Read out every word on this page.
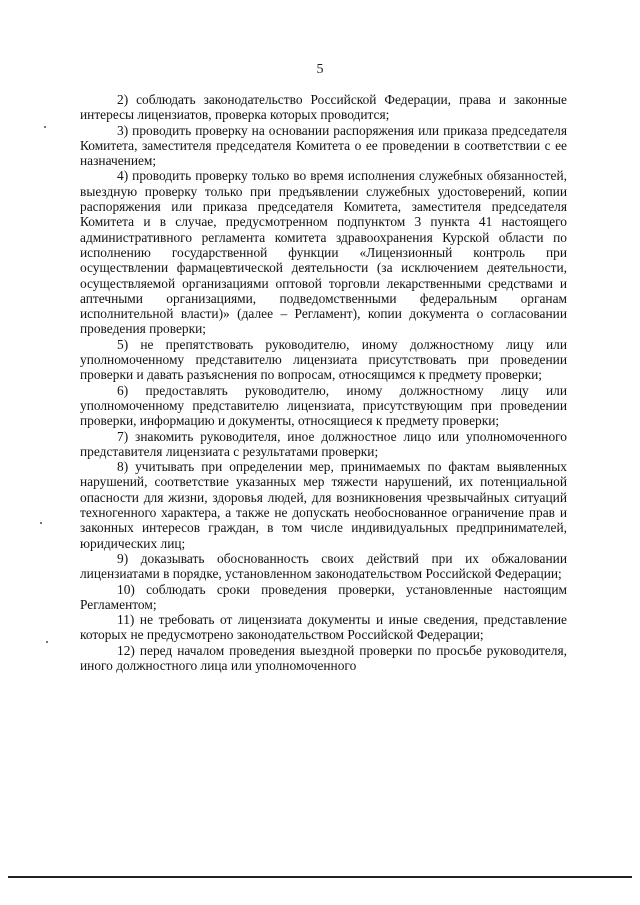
5

2) соблюдать законодательство Российской Федерации, права и законные интересы лицензиатов, проверка которых проводится;

3) проводить проверку на основании распоряжения или приказа председателя Комитета, заместителя председателя Комитета о ее проведении в соответствии с ее назначением;

4) проводить проверку только во время исполнения служебных обязанностей, выездную проверку только при предъявлении служебных удостоверений, копии распоряжения или приказа председателя Комитета, заместителя председателя Комитета и в случае, предусмотренном подпунктом 3 пункта 41 настоящего административного регламента комитета здравоохранения Курской области по исполнению государственной функции «Лицензионный контроль при осуществлении фармацевтической деятельности (за исключением деятельности, осуществляемой организациями оптовой торговли лекарственными средствами и аптечными организациями, подведомственными федеральным органам исполнительной власти)» (далее – Регламент), копии документа о согласовании проведения проверки;

5) не препятствовать руководителю, иному должностному лицу или уполномоченному представителю лицензиата присутствовать при проведении проверки и давать разъяснения по вопросам, относящимся к предмету проверки;

6) предоставлять руководителю, иному должностному лицу или уполномоченному представителю лицензиата, присутствующим при проведении проверки, информацию и документы, относящиеся к предмету проверки;

7) знакомить руководителя, иное должностное лицо или уполномоченного представителя лицензиата с результатами проверки;

8) учитывать при определении мер, принимаемых по фактам выявленных нарушений, соответствие указанных мер тяжести нарушений, их потенциальной опасности для жизни, здоровья людей, для возникновения чрезвычайных ситуаций техногенного характера, а также не допускать необоснованное ограничение прав и законных интересов граждан, в том числе индивидуальных предпринимателей, юридических лиц;

9) доказывать обоснованность своих действий при их обжаловании лицензиатами в порядке, установленном законодательством Российской Федерации;

10) соблюдать сроки проведения проверки, установленные настоящим Регламентом;

11) не требовать от лицензиата документы и иные сведения, представление которых не предусмотрено законодательством Российской Федерации;

12) перед началом проведения выездной проверки по просьбе руководителя, иного должностного лица или уполномоченного
